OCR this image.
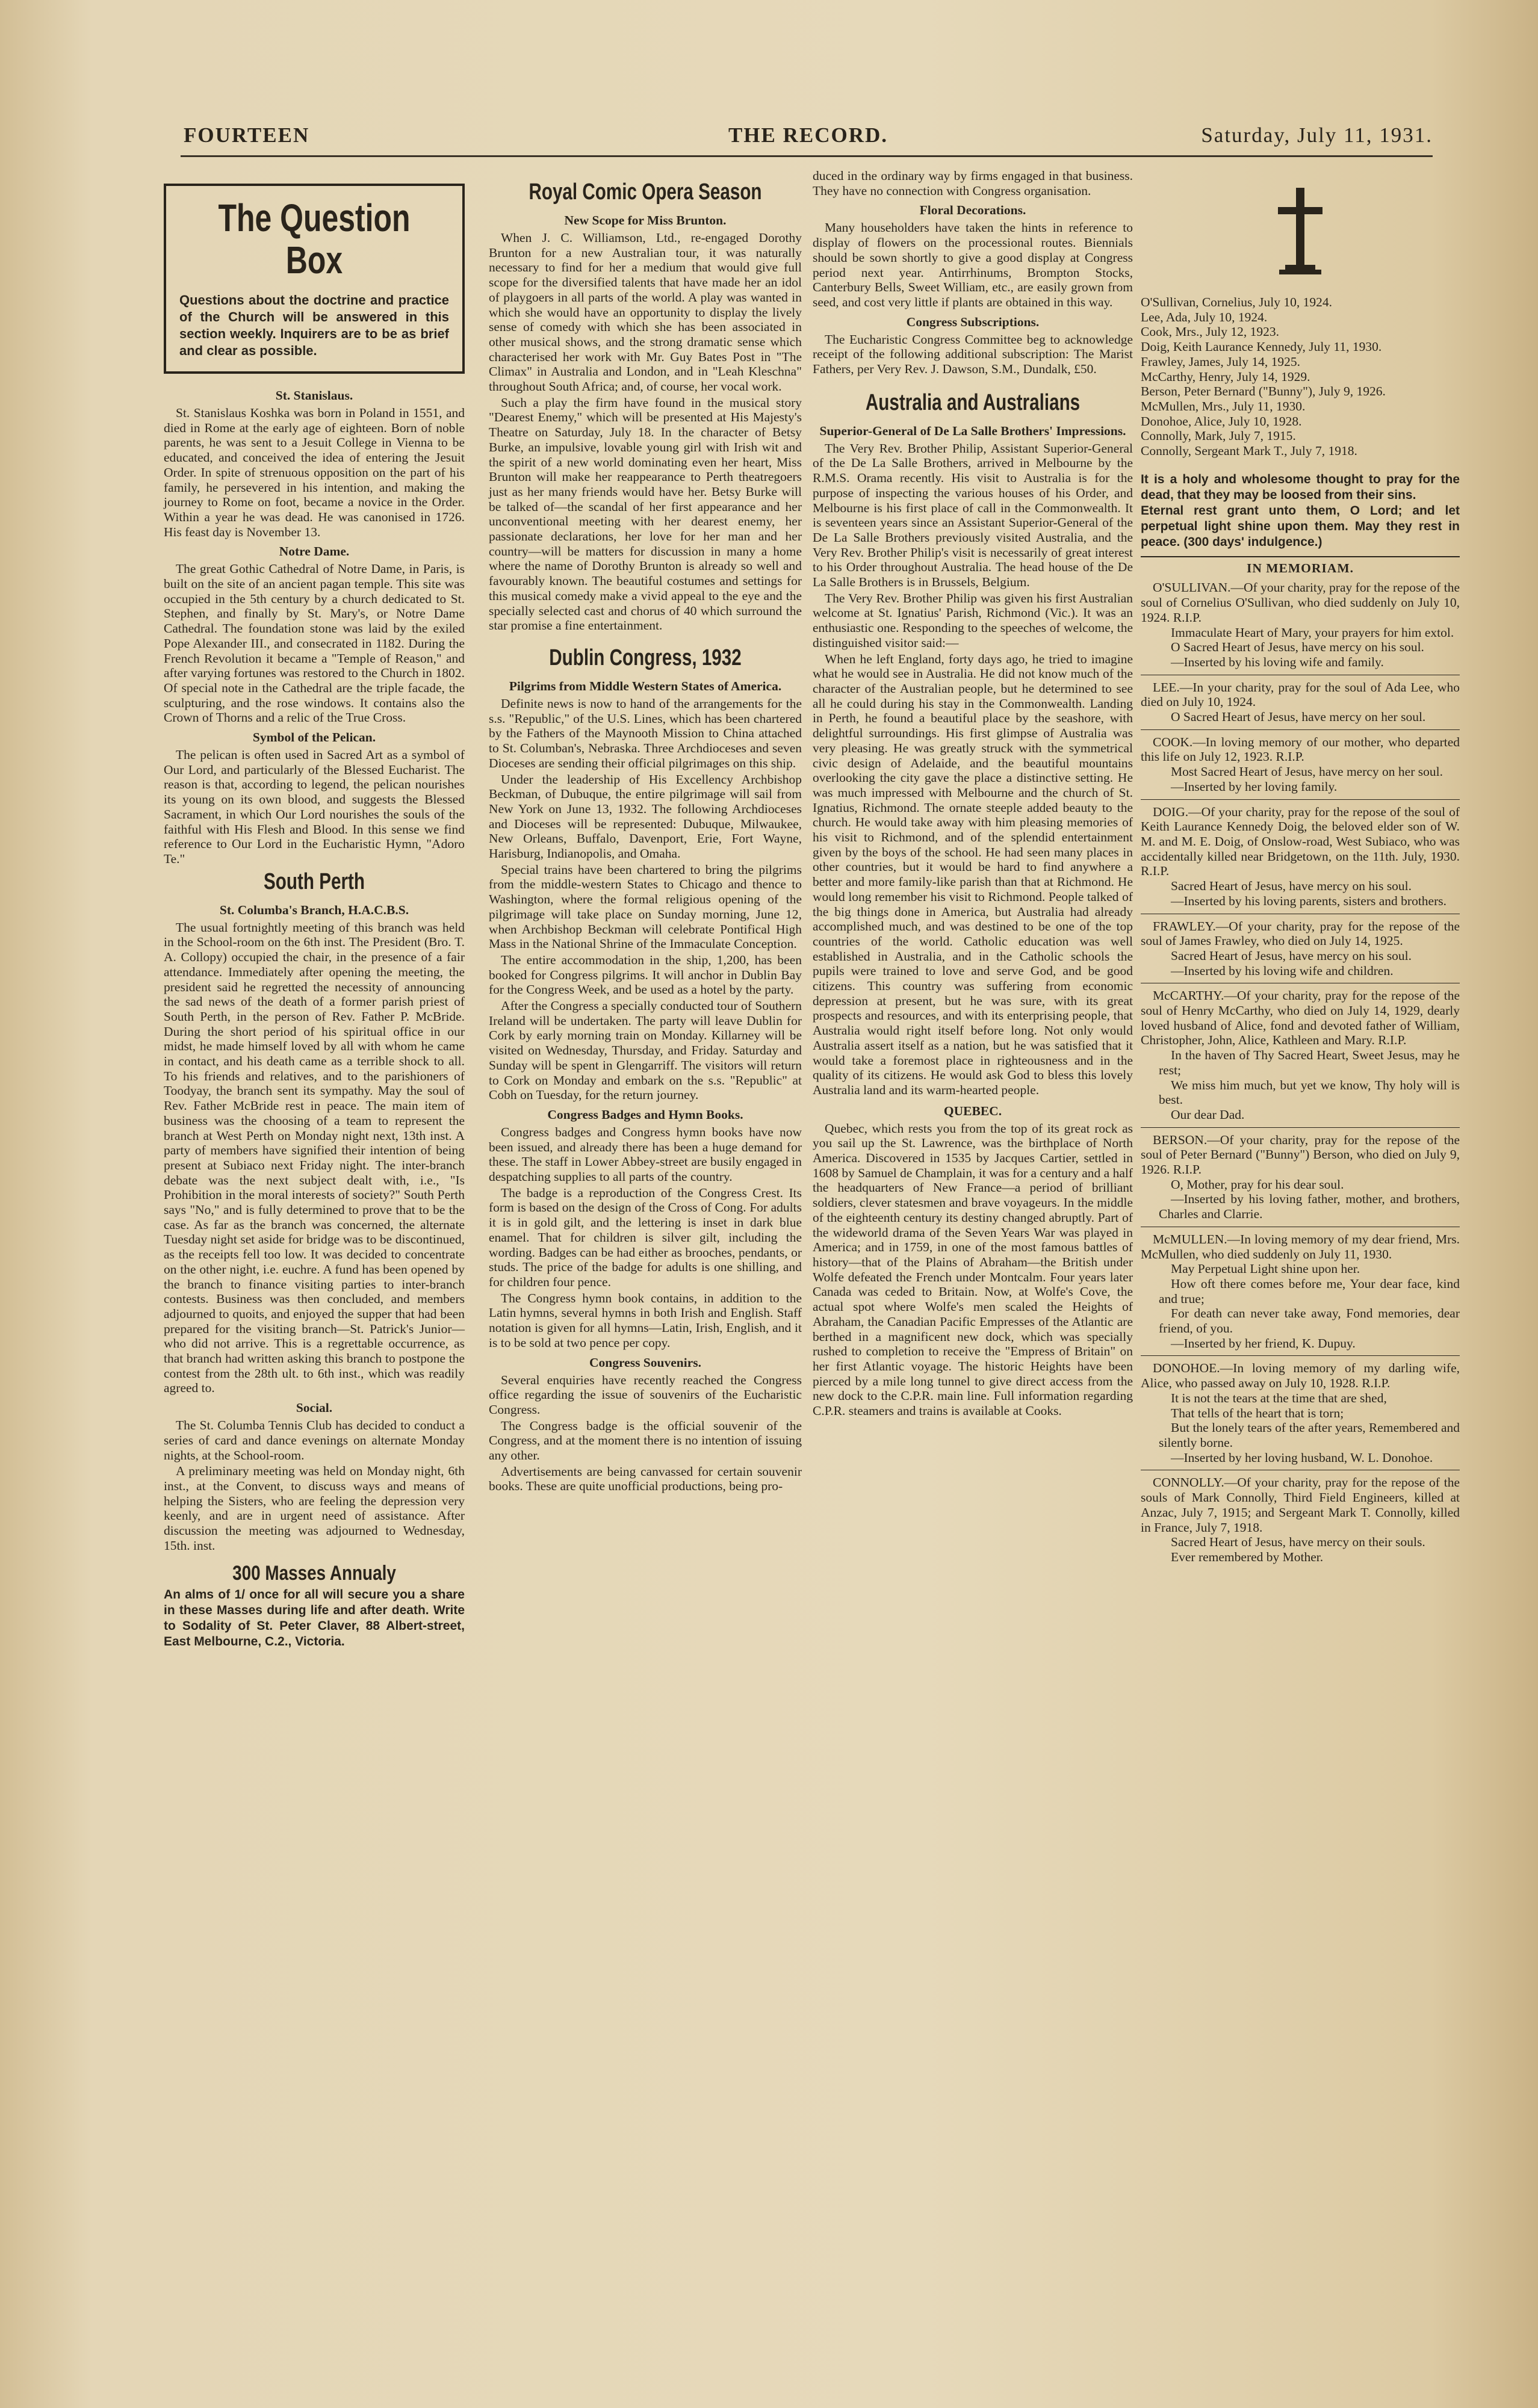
FOURTEEN	THE RECORD.	Saturday, July 11, 1931.
The Question Box
Questions about the doctrine and practice of the Church will be answered in this section weekly. Inquirers are to be as brief and clear as possible.
St. Stanislaus.

St. Stanislaus Koshka was born in Poland in 1551, and died in Rome at the early age of eighteen. Born of noble parents, he was sent to a Jesuit College in Vienna to be educated, and conceived the idea of entering the Jesuit Order. In spite of strenuous opposition on the part of his family, he persevered in his intention, and making the journey to Rome on foot, became a novice in the Order. Within a year he was dead. He was canonised in 1726. His feast day is November 13.

Notre Dame.

The great Gothic Cathedral of Notre Dame, in Paris, is built on the site of an ancient pagan temple. This site was occupied in the 5th century by a church dedicated to St. Stephen, and finally by St. Mary's, or Notre Dame Cathedral. The foundation stone was laid by the exiled Pope Alexander III., and consecrated in 1182. During the French Revolution it became a "Temple of Reason," and after varying fortunes was restored to the Church in 1802. Of special note in the Cathedral are the triple facade, the sculpturing, and the rose windows. It contains also the Crown of Thorns and a relic of the True Cross.

Symbol of the Pelican.

The pelican is often used in Sacred Art as a symbol of Our Lord, and particularly of the Blessed Eucharist. The reason is that, according to legend, the pelican nourishes its young on its own blood, and suggests the Blessed Sacrament, in which Our Lord nourishes the souls of the faithful with His Flesh and Blood. In this sense we find reference to Our Lord in the Eucharistic Hymn, "Adoro Te."

South Perth
St. Columba's Branch, H.A.C.B.S.

The usual fortnightly meeting of this branch was held in the School-room on the 6th inst. The President (Bro. T. A. Collopy) occupied the chair, in the presence of a fair attendance. Immediately after opening the meeting, the president said he regretted the necessity of announcing the sad news of the death of a former parish priest of South Perth, in the person of Rev. Father P. McBride. During the short period of his spiritual office in our midst, he made himself loved by all with whom he came in contact, and his death came as a terrible shock to all. To his friends and relatives, and to the parishioners of Toodyay, the branch sent its sympathy. May the soul of Rev. Father McBride rest in peace. The main item of business was the choosing of a team to represent the branch at West Perth on Monday night next, 13th inst. A party of members have signified their intention of being present at Subiaco next Friday night. The inter-branch debate was the next subject dealt with, i.e., "Is Prohibition in the moral interests of society?" South Perth says "No," and is fully determined to prove that to be the case. As far as the branch was concerned, the alternate Tuesday night set aside for bridge was to be discontinued, as the receipts fell too low. It was decided to concentrate on the other night, i.e. euchre. A fund has been opened by the branch to finance visiting parties to inter-branch contests. Business was then concluded, and members adjourned to quoits, and enjoyed the supper that had been prepared for the visiting branch—St. Patrick's Junior—who did not arrive. This is a regrettable occurrence, as that branch had written asking this branch to postpone the contest from the 28th ult. to 6th inst., which was readily agreed to.

Social.

The St. Columba Tennis Club has decided to conduct a series of card and dance evenings on alternate Monday nights, at the School-room.

A preliminary meeting was held on Monday night, 6th inst., at the Convent, to discuss ways and means of helping the Sisters, who are feeling the depression very keenly, and are in urgent need of assistance. After discussion the meeting was adjourned to Wednesday, 15th. inst.

300 Masses Annualy
An alms of 1/ once for all will secure you a share in these Masses during life and after death. Write to Sodality of St. Peter Claver, 88 Albert-street, East Melbourne, C.2., Victoria.
Royal Comic Opera Season
New Scope for Miss Brunton.

When J. C. Williamson, Ltd., re-engaged Dorothy Brunton for a new Australian tour, it was naturally necessary to find for her a medium that would give full scope for the diversified talents that have made her an idol of playgoers in all parts of the world. A play was wanted in which she would have an opportunity to display the lively sense of comedy with which she has been associated in other musical shows, and the strong dramatic sense which characterised her work with Mr. Guy Bates Post in "The Climax" in Australia and London, and in "Leah Kleschna" throughout South Africa; and, of course, her vocal work.

Such a play the firm have found in the musical story "Dearest Enemy," which will be presented at His Majesty's Theatre on Saturday, July 18. In the character of Betsy Burke, an impulsive, lovable young girl with Irish wit and the spirit of a new world dominating even her heart, Miss Brunton will make her reappearance to Perth theatregoers just as her many friends would have her. Betsy Burke will be talked of—the scandal of her first appearance and her unconventional meeting with her dearest enemy, her passionate declarations, her love for her man and her country—will be matters for discussion in many a home where the name of Dorothy Brunton is already so well and favourably known. The beautiful costumes and settings for this musical comedy make a vivid appeal to the eye and the specially selected cast and chorus of 40 which surround the star promise a fine entertainment.

Dublin Congress, 1932
Pilgrims from Middle Western States of America.

Definite news is now to hand of the arrangements for the s.s. "Republic," of the U.S. Lines, which has been chartered by the Fathers of the Maynooth Mission to China attached to St. Columban's, Nebraska. Three Archdioceses and seven Dioceses are sending their official pilgrimages on this ship.

Under the leadership of His Excellency Archbishop Beckman, of Dubuque, the entire pilgrimage will sail from New York on June 13, 1932. The following Archdioceses and Dioceses will be represented: Dubuque, Milwaukee, New Orleans, Buffalo, Davenport, Erie, Fort Wayne, Harisburg, Indianopolis, and Omaha.

Special trains have been chartered to bring the pilgrims from the middle-western States to Chicago and thence to Washington, where the formal religious opening of the pilgrimage will take place on Sunday morning, June 12, when Archbishop Beckman will celebrate Pontifical High Mass in the National Shrine of the Immaculate Conception.

The entire accommodation in the ship, 1,200, has been booked for Congress pilgrims. It will anchor in Dublin Bay for the Congress Week, and be used as a hotel by the party.

After the Congress a specially conducted tour of Southern Ireland will be undertaken. The party will leave Dublin for Cork by early morning train on Monday. Killarney will be visited on Wednesday, Thursday, and Friday. Saturday and Sunday will be spent in Glengarriff. The visitors will return to Cork on Monday and embark on the s.s. "Republic" at Cobh on Tuesday, for the return journey.

Congress Badges and Hymn Books.

Congress badges and Congress hymn books have now been issued, and already there has been a huge demand for these. The staff in Lower Abbey-street are busily engaged in despatching supplies to all parts of the country.

The badge is a reproduction of the Congress Crest. Its form is based on the design of the Cross of Cong. For adults it is in gold gilt, and the lettering is inset in dark blue enamel. That for children is silver gilt, including the wording. Badges can be had either as brooches, pendants, or studs. The price of the badge for adults is one shilling, and for children four pence.

The Congress hymn book contains, in addition to the Latin hymns, several hymns in both Irish and English. Staff notation is given for all hymns—Latin, Irish, English, and it is to be sold at two pence per copy.

Congress Souvenirs.

Several enquiries have recently reached the Congress office regarding the issue of souvenirs of the Eucharistic Congress.

The Congress badge is the official souvenir of the Congress, and at the moment there is no intention of issuing any other.

Advertisements are being canvassed for certain souvenir books. These are quite unofficial productions, being pro-

duced in the ordinary way by firms engaged in that business. They have no connection with Congress organisation.

Floral Decorations.

Many householders have taken the hints in reference to display of flowers on the processional routes. Biennials should be sown shortly to give a good display at Congress period next year. Antirrhinums, Brompton Stocks, Canterbury Bells, Sweet William, etc., are easily grown from seed, and cost very little if plants are obtained in this way.

Congress Subscriptions.

The Eucharistic Congress Committee beg to acknowledge receipt of the following additional subscription: The Marist Fathers, per Very Rev. J. Dawson, S.M., Dundalk, £50.

Australia and Australians
Superior-General of De La Salle Brothers' Impressions.

The Very Rev. Brother Philip, Assistant Superior-General of the De La Salle Brothers, arrived in Melbourne by the R.M.S. Orama recently. His visit to Australia is for the purpose of inspecting the various houses of his Order, and Melbourne is his first place of call in the Commonwealth. It is seventeen years since an Assistant Superior-General of the De La Salle Brothers previously visited Australia, and the Very Rev. Brother Philip's visit is necessarily of great interest to his Order throughout Australia. The head house of the De La Salle Brothers is in Brussels, Belgium.

The Very Rev. Brother Philip was given his first Australian welcome at St. Ignatius' Parish, Richmond (Vic.). It was an enthusiastic one. Responding to the speeches of welcome, the distinguished visitor said:—

When he left England, forty days ago, he tried to imagine what he would see in Australia. He did not know much of the character of the Australian people, but he determined to see all he could during his stay in the Commonwealth. Landing in Perth, he found a beautiful place by the seashore, with delightful surroundings. His first glimpse of Australia was very pleasing. He was greatly struck with the symmetrical civic design of Adelaide, and the beautiful mountains overlooking the city gave the place a distinctive setting. He was much impressed with Melbourne and the church of St. Ignatius, Richmond. The ornate steeple added beauty to the church. He would take away with him pleasing memories of his visit to Richmond, and of the splendid entertainment given by the boys of the school. He had seen many places in other countries, but it would be hard to find anywhere a better and more family-like parish than that at Richmond. He would long remember his visit to Richmond. People talked of the big things done in America, but Australia had already accomplished much, and was destined to be one of the top countries of the world. Catholic education was well established in Australia, and in the Catholic schools the pupils were trained to love and serve God, and be good citizens. This country was suffering from economic depression at present, but he was sure, with its great prospects and resources, and with its enterprising people, that Australia would right itself before long. Not only would Australia assert itself as a nation, but he was satisfied that it would take a foremost place in righteousness and in the quality of its citizens. He would ask God to bless this lovely Australia land and its warm-hearted people.

QUEBEC.

Quebec, which rests you from the top of its great rock as you sail up the St. Lawrence, was the birthplace of North America. Discovered in 1535 by Jacques Cartier, settled in 1608 by Samuel de Champlain, it was for a century and a half the headquarters of New France—a period of brilliant soldiers, clever statesmen and brave voyageurs. In the middle of the eighteenth century its destiny changed abruptly. Part of the wideworld drama of the Seven Years War was played in America; and in 1759, in one of the most famous battles of history—that of the Plains of Abraham—the British under Wolfe defeated the French under Montcalm. Four years later Canada was ceded to Britain. Now, at Wolfe's Cove, the actual spot where Wolfe's men scaled the Heights of Abraham, the Canadian Pacific Empresses of the Atlantic are berthed in a magnificent new dock, which was specially rushed to completion to receive the "Empress of Britain" on her first Atlantic voyage. The historic Heights have been pierced by a mile long tunnel to give direct access from the new dock to the C.P.R. main line. Full information regarding C.P.R. steamers and trains is available at Cooks.

O'Sullivan, Cornelius, July 10, 1924.

Lee, Ada, July 10, 1924.

Cook, Mrs., July 12, 1923.

Doig, Keith Laurance Kennedy, July 11, 1930.

Frawley, James, July 14, 1925.

McCarthy, Henry, July 14, 1929.

Berson, Peter Bernard ("Bunny"), July 9, 1926.

McMullen, Mrs., July 11, 1930.

Donohoe, Alice, July 10, 1928.

Connolly, Mark, July 7, 1915.

Connolly, Sergeant Mark T., July 7, 1918.

It is a holy and wholesome thought to pray for the dead, that they may be loosed from their sins.
Eternal rest grant unto them, O Lord; and let perpetual light shine upon them. May they rest in peace. (300 days' indulgence.)
IN MEMORIAM.

O'SULLIVAN.—Of your charity, pray for the repose of the soul of Cornelius O'Sullivan, who died suddenly on July 10, 1924. R.I.P.

Immaculate Heart of Mary, your prayers for him extol.

O Sacred Heart of Jesus, have mercy on his soul.

—Inserted by his loving wife and family.

LEE.—In your charity, pray for the soul of Ada Lee, who died on July 10, 1924.

O Sacred Heart of Jesus, have mercy on her soul.

COOK.—In loving memory of our mother, who departed this life on July 12, 1923. R.I.P.

Most Sacred Heart of Jesus, have mercy on her soul.

—Inserted by her loving family.

DOIG.—Of your charity, pray for the repose of the soul of Keith Laurance Kennedy Doig, the beloved elder son of W. M. and M. E. Doig, of Onslow-road, West Subiaco, who was accidentally killed near Bridgetown, on the 11th. July, 1930. R.I.P.

Sacred Heart of Jesus, have mercy on his soul.

—Inserted by his loving parents, sisters and brothers.

FRAWLEY.—Of your charity, pray for the repose of the soul of James Frawley, who died on July 14, 1925.

Sacred Heart of Jesus, have mercy on his soul.

—Inserted by his loving wife and children.

McCARTHY.—Of your charity, pray for the repose of the soul of Henry McCarthy, who died on July 14, 1929, dearly loved husband of Alice, fond and devoted father of William, Christopher, John, Alice, Kathleen and Mary. R.I.P.

In the haven of Thy Sacred Heart, Sweet Jesus, may he rest;

We miss him much, but yet we know, Thy holy will is best.

Our dear Dad.

BERSON.—Of your charity, pray for the repose of the soul of Peter Bernard ("Bunny") Berson, who died on July 9, 1926. R.I.P.

O, Mother, pray for his dear soul.

—Inserted by his loving father, mother, and brothers, Charles and Clarrie.

McMULLEN.—In loving memory of my dear friend, Mrs. McMullen, who died suddenly on July 11, 1930.

May Perpetual Light shine upon her.

How oft there comes before me, Your dear face, kind and true;

For death can never take away, Fond memories, dear friend, of you.

—Inserted by her friend, K. Dupuy.

DONOHOE.—In loving memory of my darling wife, Alice, who passed away on July 10, 1928. R.I.P.

It is not the tears at the time that are shed,

That tells of the heart that is torn;

But the lonely tears of the after years, Remembered and silently borne.

—Inserted by her loving husband, W. L. Donohoe.

CONNOLLY.—Of your charity, pray for the repose of the souls of Mark Connolly, Third Field Engineers, killed at Anzac, July 7, 1915; and Sergeant Mark T. Connolly, killed in France, July 7, 1918.

Sacred Heart of Jesus, have mercy on their souls.

Ever remembered by Mother.
